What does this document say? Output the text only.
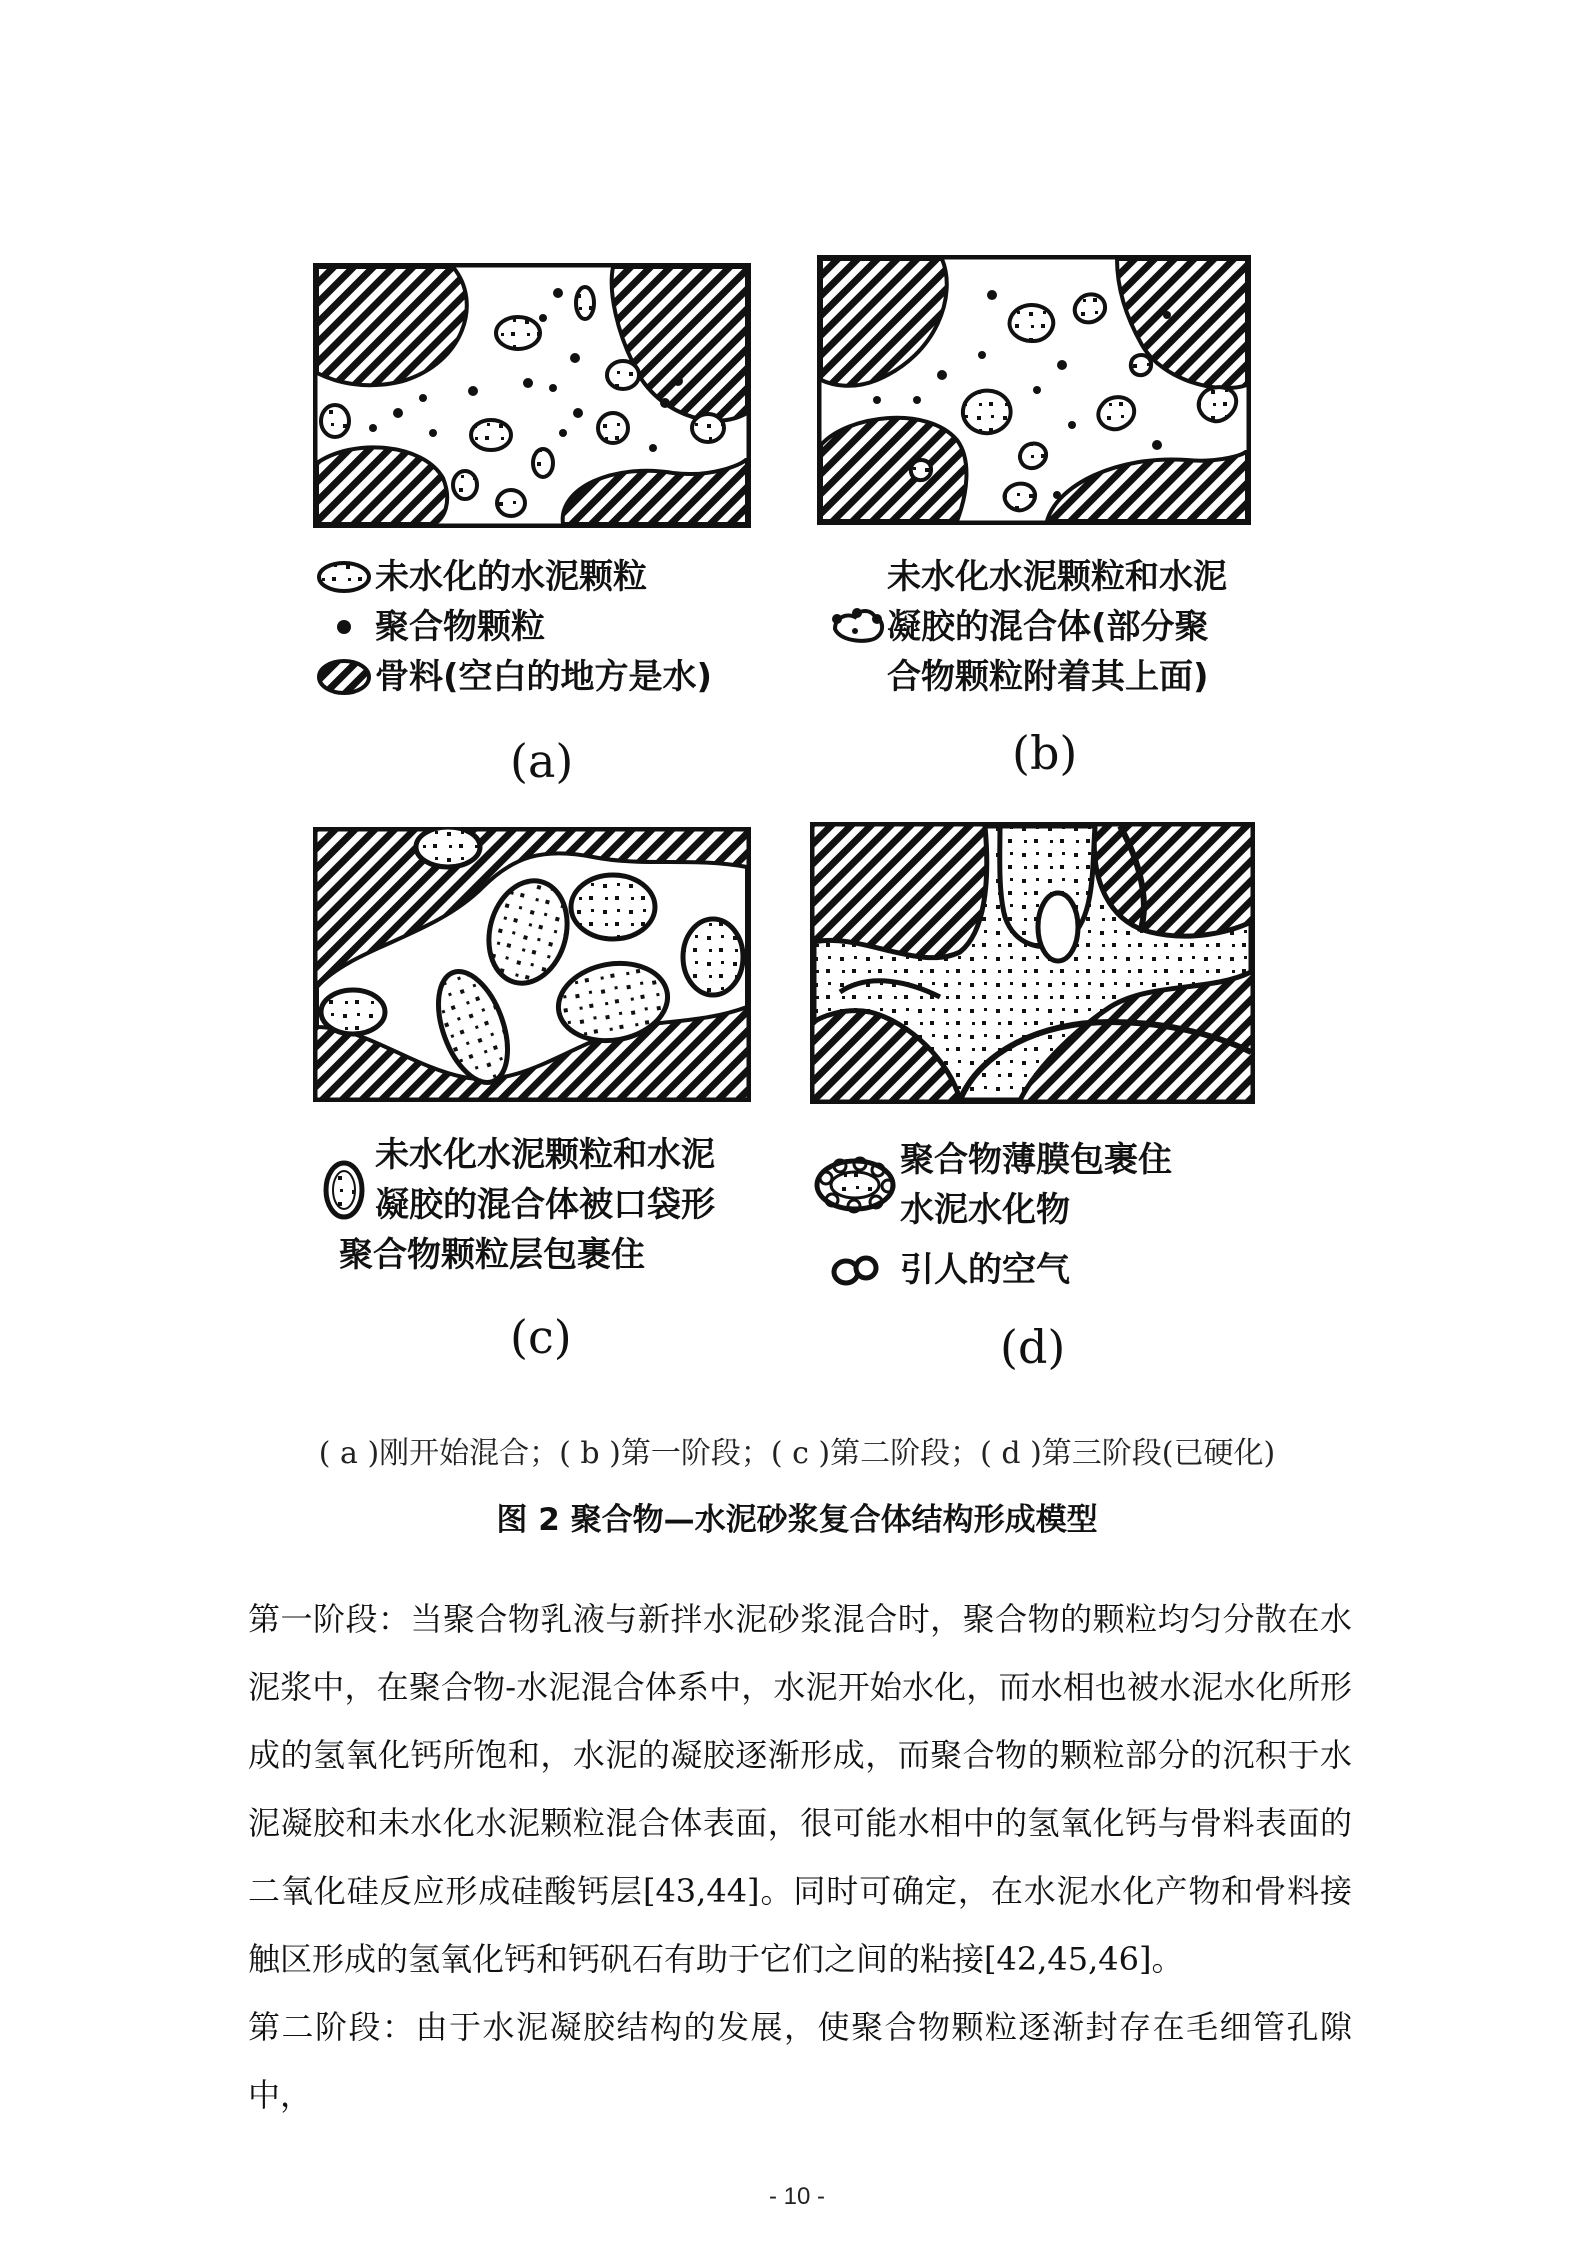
未水化的水泥颗粒
聚合物颗粒
骨料(空白的地方是水)
(a)
未水化水泥颗粒和水泥
凝胶的混合体(部分聚
合物颗粒附着其上面)
(b)
未水化水泥颗粒和水泥
凝胶的混合体被口袋形
聚合物颗粒层包裹住
(c)
聚合物薄膜包裹住
水泥水化物
引人的空气
(d)
( a )刚开始混合；( b )第一阶段；( c )第二阶段；( d )第三阶段(已硬化)
图 2 聚合物—水泥砂浆复合体结构形成模型

第一阶段：当聚合物乳液与新拌水泥砂浆混合时，聚合物的颗粒均匀分散在水泥浆中，在聚合物-水泥混合体系中，水泥开始水化，而水相也被水泥水化所形成的氢氧化钙所饱和，水泥的凝胶逐渐形成，而聚合物的颗粒部分的沉积于水泥凝胶和未水化水泥颗粒混合体表面，很可能水相中的氢氧化钙与骨料表面的二氧化硅反应形成硅酸钙层[43,44]。同时可确定，在水泥水化产物和骨料接触区形成的氢氧化钙和钙矾石有助于它们之间的粘接[42,45,46]。

第二阶段：由于水泥凝胶结构的发展，使聚合物颗粒逐渐封存在毛细管孔隙中，

- 10 -
